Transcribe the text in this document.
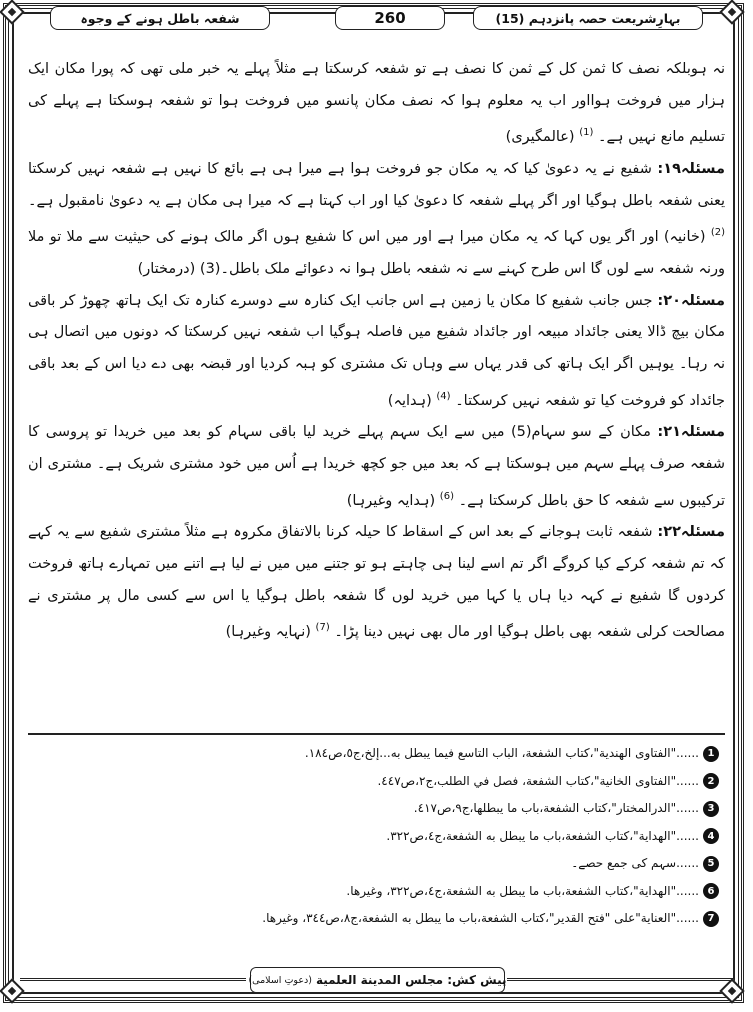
بہارِشریعت حصہ پانزدہم (15)
260
شفعہ باطل ہونے کے وجوہ

نہ ہوبلکہ نصف کا ثمن کل کے ثمن کا نصف ہے تو شفعہ کرسکتا ہے مثلاً پہلے یہ خبر ملی تھی کہ پورا مکان ایک ہزار میں فروخت ہوااور اب یہ معلوم ہوا کہ نصف مکان پانسو میں فروخت ہوا تو شفعہ ہوسکتا ہے پہلے کی تسلیم مانع نہیں ہے۔ $^{(1)}$ (عالمگیری)

مسئلہ۱۹: شفیع نے یہ دعویٰ کیا کہ یہ مکان جو فروخت ہوا ہے میرا ہی ہے بائع کا نہیں ہے شفعہ نہیں کرسکتا یعنی شفعہ باطل ہوگیا اور اگر پہلے شفعہ کا دعویٰ کیا اور اب کہتا ہے کہ میرا ہی مکان ہے یہ دعویٰ نامقبول ہے۔ $^{(2)}$ (خانیہ) اور اگر یوں کہا کہ یہ مکان میرا ہے اور میں اس کا شفیع ہوں اگر مالک ہونے کی حیثیت سے ملا تو ملا ورنہ شفعہ سے لوں گا اس طرح کہنے سے نہ شفعہ باطل ہوا نہ دعوائے ملک باطل۔(3) (درمختار)

مسئلہ۲۰: جس جانب شفیع کا مکان یا زمین ہے اس جانب ایک کنارہ سے دوسرے کنارہ تک ایک ہاتھ چھوڑ کر باقی مکان بیچ ڈالا یعنی جائداد مبیعہ اور جائداد شفیع میں فاصلہ ہوگیا اب شفعہ نہیں کرسکتا کہ دونوں میں اتصال ہی نہ رہا۔ یوہیں اگر ایک ہاتھ کی قدر یہاں سے وہاں تک مشتری کو ہبہ کردیا اور قبضہ بھی دے دیا اس کے بعد باقی جائداد کو فروخت کیا تو شفعہ نہیں کرسکتا۔ $^{(4)}$ (ہدایہ)

مسئلہ۲۱: مکان کے سو سہام(5) میں سے ایک سہم پہلے خرید لیا باقی سہام کو بعد میں خریدا تو پروسی کا شفعہ صرف پہلے سہم میں ہوسکتا ہے کہ بعد میں جو کچھ خریدا ہے اُس میں خود مشتری شریک ہے۔ مشتری ان ترکیبوں سے شفعہ کا حق باطل کرسکتا ہے۔ $^{(6)}$ (ہدایہ وغیرہا)

مسئلہ۲۲: شفعہ ثابت ہوجانے کے بعد اس کے اسقاط کا حیلہ کرنا بالاتفاق مکروہ ہے مثلاً مشتری شفیع سے یہ کہے کہ تم شفعہ کرکے کیا کروگے اگر تم اسے لینا ہی چاہتے ہو تو جتنے میں میں نے لیا ہے اتنے میں تمہارے ہاتھ فروخت کردوں گا شفیع نے کہہ دیا ہاں یا کہا میں خرید لوں گا شفعہ باطل ہوگیا یا اس سے کسی مال پر مشتری نے مصالحت کرلی شفعہ بھی باطل ہوگیا اور مال بھی نہیں دینا پڑا۔ $^{(7)}$ (نہایہ وغیرہا)

1
......"الفتاوى الهندية"،كتاب الشفعة، الباب التاسع فيما يبطل به...إلخ،ج٥،ص١٨٤.
2
......"الفتاوى الخانية"،كتاب الشفعة، فصل في الطلب،ج٢،ص٤٤٧.
3
......"الدرالمختار"،كتاب الشفعة،باب ما يبطلها،ج٩،ص٤١٧.
4
......"الهداية"،كتاب الشفعة،باب ما يبطل به الشفعة،ج٤،ص٣٢٢.
5
......سہم کی جمع حصے۔
6
......"الهداية"،كتاب الشفعة،باب ما يبطل به الشفعة،ج٤،ص٣٢٢، وغيرها.
7
......"العناية"على "فتح القدير"،كتاب الشفعة،باب ما يبطل به الشفعة،ج٨،ص٣٤٤، وغيرها.
پیش کش:

مجلس المدينة العلمية
(دعوتِ اسلامی)
